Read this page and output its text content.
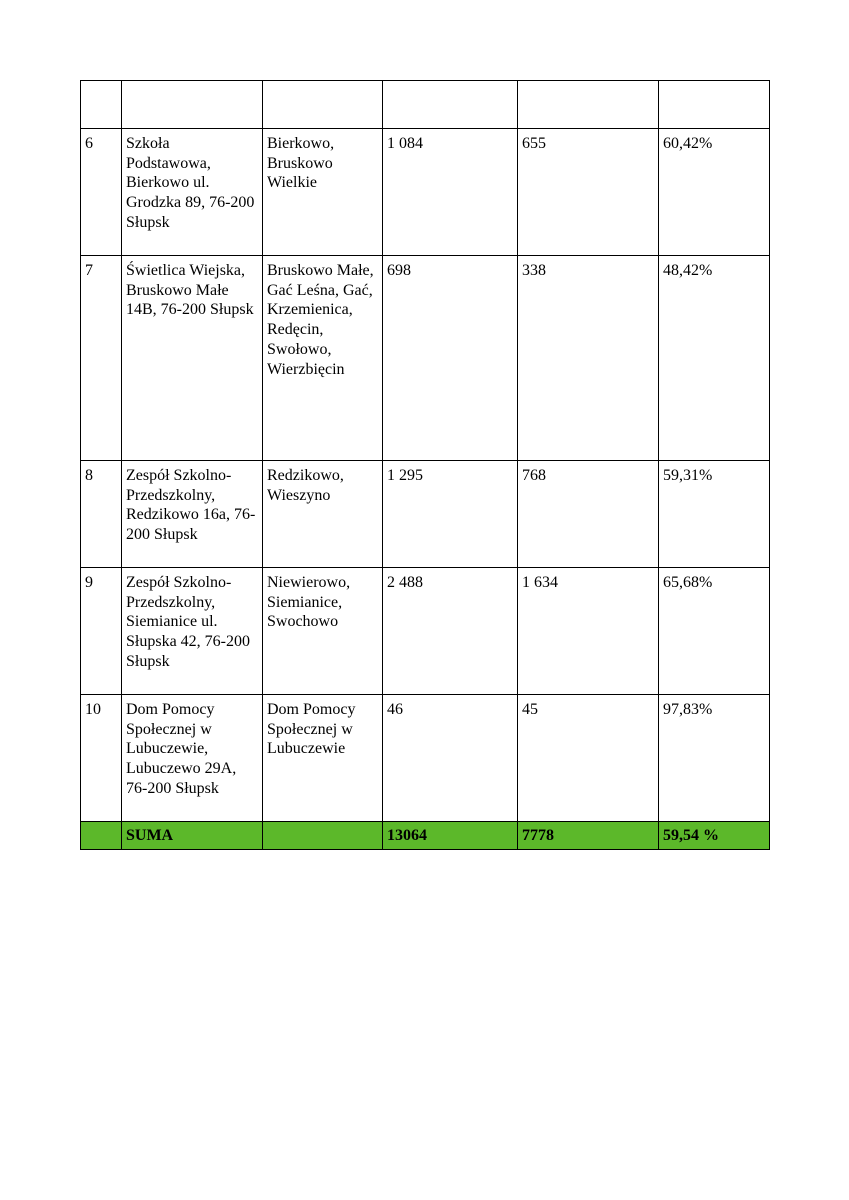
6	Szkoła Podstawowa, Bierkowo ul. Grodzka 89, 76-200 Słupsk	Bierkowo, Bruskowo Wielkie	1 084	655	60,42%
7	Świetlica Wiejska, Bruskowo Małe 14B, 76-200 Słupsk	Bruskowo Małe, Gać Leśna, Gać, Krzemienica, Redęcin, Swołowo, Wierzbięcin	698	338	48,42%
8	Zespół Szkolno-Przedszkolny, Redzikowo 16a, 76-200 Słupsk	Redzikowo, Wieszyno	1 295	768	59,31%
9	Zespół Szkolno-Przedszkolny, Siemianice ul. Słupska 42, 76-200 Słupsk	Niewierowo, Siemianice, Swochowo	2 488	1 634	65,68%
10	Dom Pomocy Społecznej w Lubuczewie, Lubuczewo 29A, 76-200 Słupsk	Dom Pomocy Społecznej w Lubuczewie	46	45	97,83%
	SUMA		13064	7778	59,54 %
